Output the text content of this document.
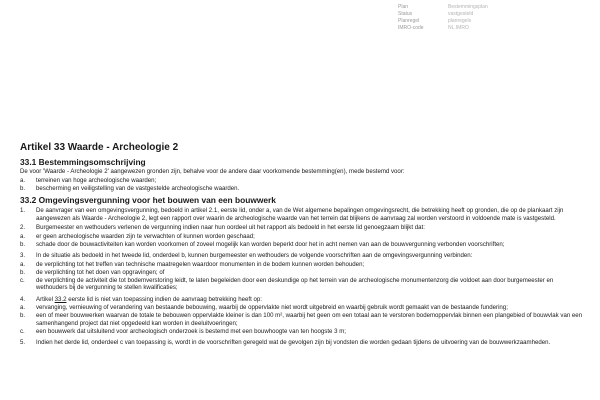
Plan	Bestemmingsplan
Status	vastgesteld
Planregel	planregels
IMRO-code	NL.IMRO
Artikel 33 Waarde - Archeologie 2
33.1 Bestemmingsomschrijving

De voor 'Waarde - Archeologie 2' aangewezen gronden zijn, behalve voor de andere daar voorkomende bestemming(en), mede bestemd voor:

a.	terreinen van hoge archeologische waarden;
b.	bescherming en veiligstelling van de vastgestelde archeologische waarden.
33.2 Omgevingsvergunning voor het bouwen van een bouwwerk
1.	De aanvrager van een omgevingsvergunning, bedoeld in artikel 2.1, eerste lid, onder a, van de Wet algemene bepalingen omgevingsrecht, die betrekking heeft op gronden, die op de plankaart zijn aangewezen als Waarde - Archeologie 2, legt een rapport over waarin de archeologische waarde van het terrein dat blijkens de aanvraag zal worden verstoord in voldoende mate is vastgesteld.

2.	Burgemeester en wethouders verlenen de vergunning indien naar hun oordeel uit het rapport als bedoeld in het eerste lid genoegzaam blijkt dat:

a.	er geen archeologische waarden zijn te verwachten of kunnen worden geschaad;
b.	schade door de bouwactiviteiten kan worden voorkomen of zoveel mogelijk kan worden beperkt door het in acht nemen van aan de bouwvergunning verbonden voorschriften;
3.	In de situatie als bedoeld in het tweede lid, onderdeel b, kunnen burgemeester en wethouders de volgende voorschriften aan de omgevingsvergunning verbinden:

a.	de verplichting tot het treffen van technische maatregelen waardoor monumenten in de bodem kunnen worden behouden;
b.	de verplichting tot het doen van opgravingen; of
c.	de verplichting de activiteit die tot bodemverstoring leidt, te laten begeleiden door een deskundige op het terrein van de archeologische monumentenzorg die voldoet aan door burgemeester en wethouders bij de vergunning te stellen kwalificaties;
4.	Artikel 33.2 eerste lid is niet van toepassing indien de aanvraag betrekking heeft op:

a.	vervanging, vernieuwing of verandering van bestaande bebouwing, waarbij de oppervlakte niet wordt uitgebreid en waarbij gebruik wordt gemaakt van de bestaande fundering;
b.	een of meer bouwwerken waarvan de totale te bebouwen oppervlakte kleiner is dan 100 m², waarbij het geen om een totaal aan te verstoren bodemoppervlak binnen een plangebied of bouwvlak van een samenhangend project dat niet opgedeeld kan worden in deeluitvoeringen;
c.	een bouwwerk dat uitsluitend voor archeologisch onderzoek is bestemd met een bouwhoogte van ten hoogste 3 m;
5.	Indien het derde lid, onderdeel c van toepassing is, wordt in de voorschriften geregeld wat de gevolgen zijn bij vondsten die worden gedaan tijdens de uitvoering van de bouwwerkzaamheden.
